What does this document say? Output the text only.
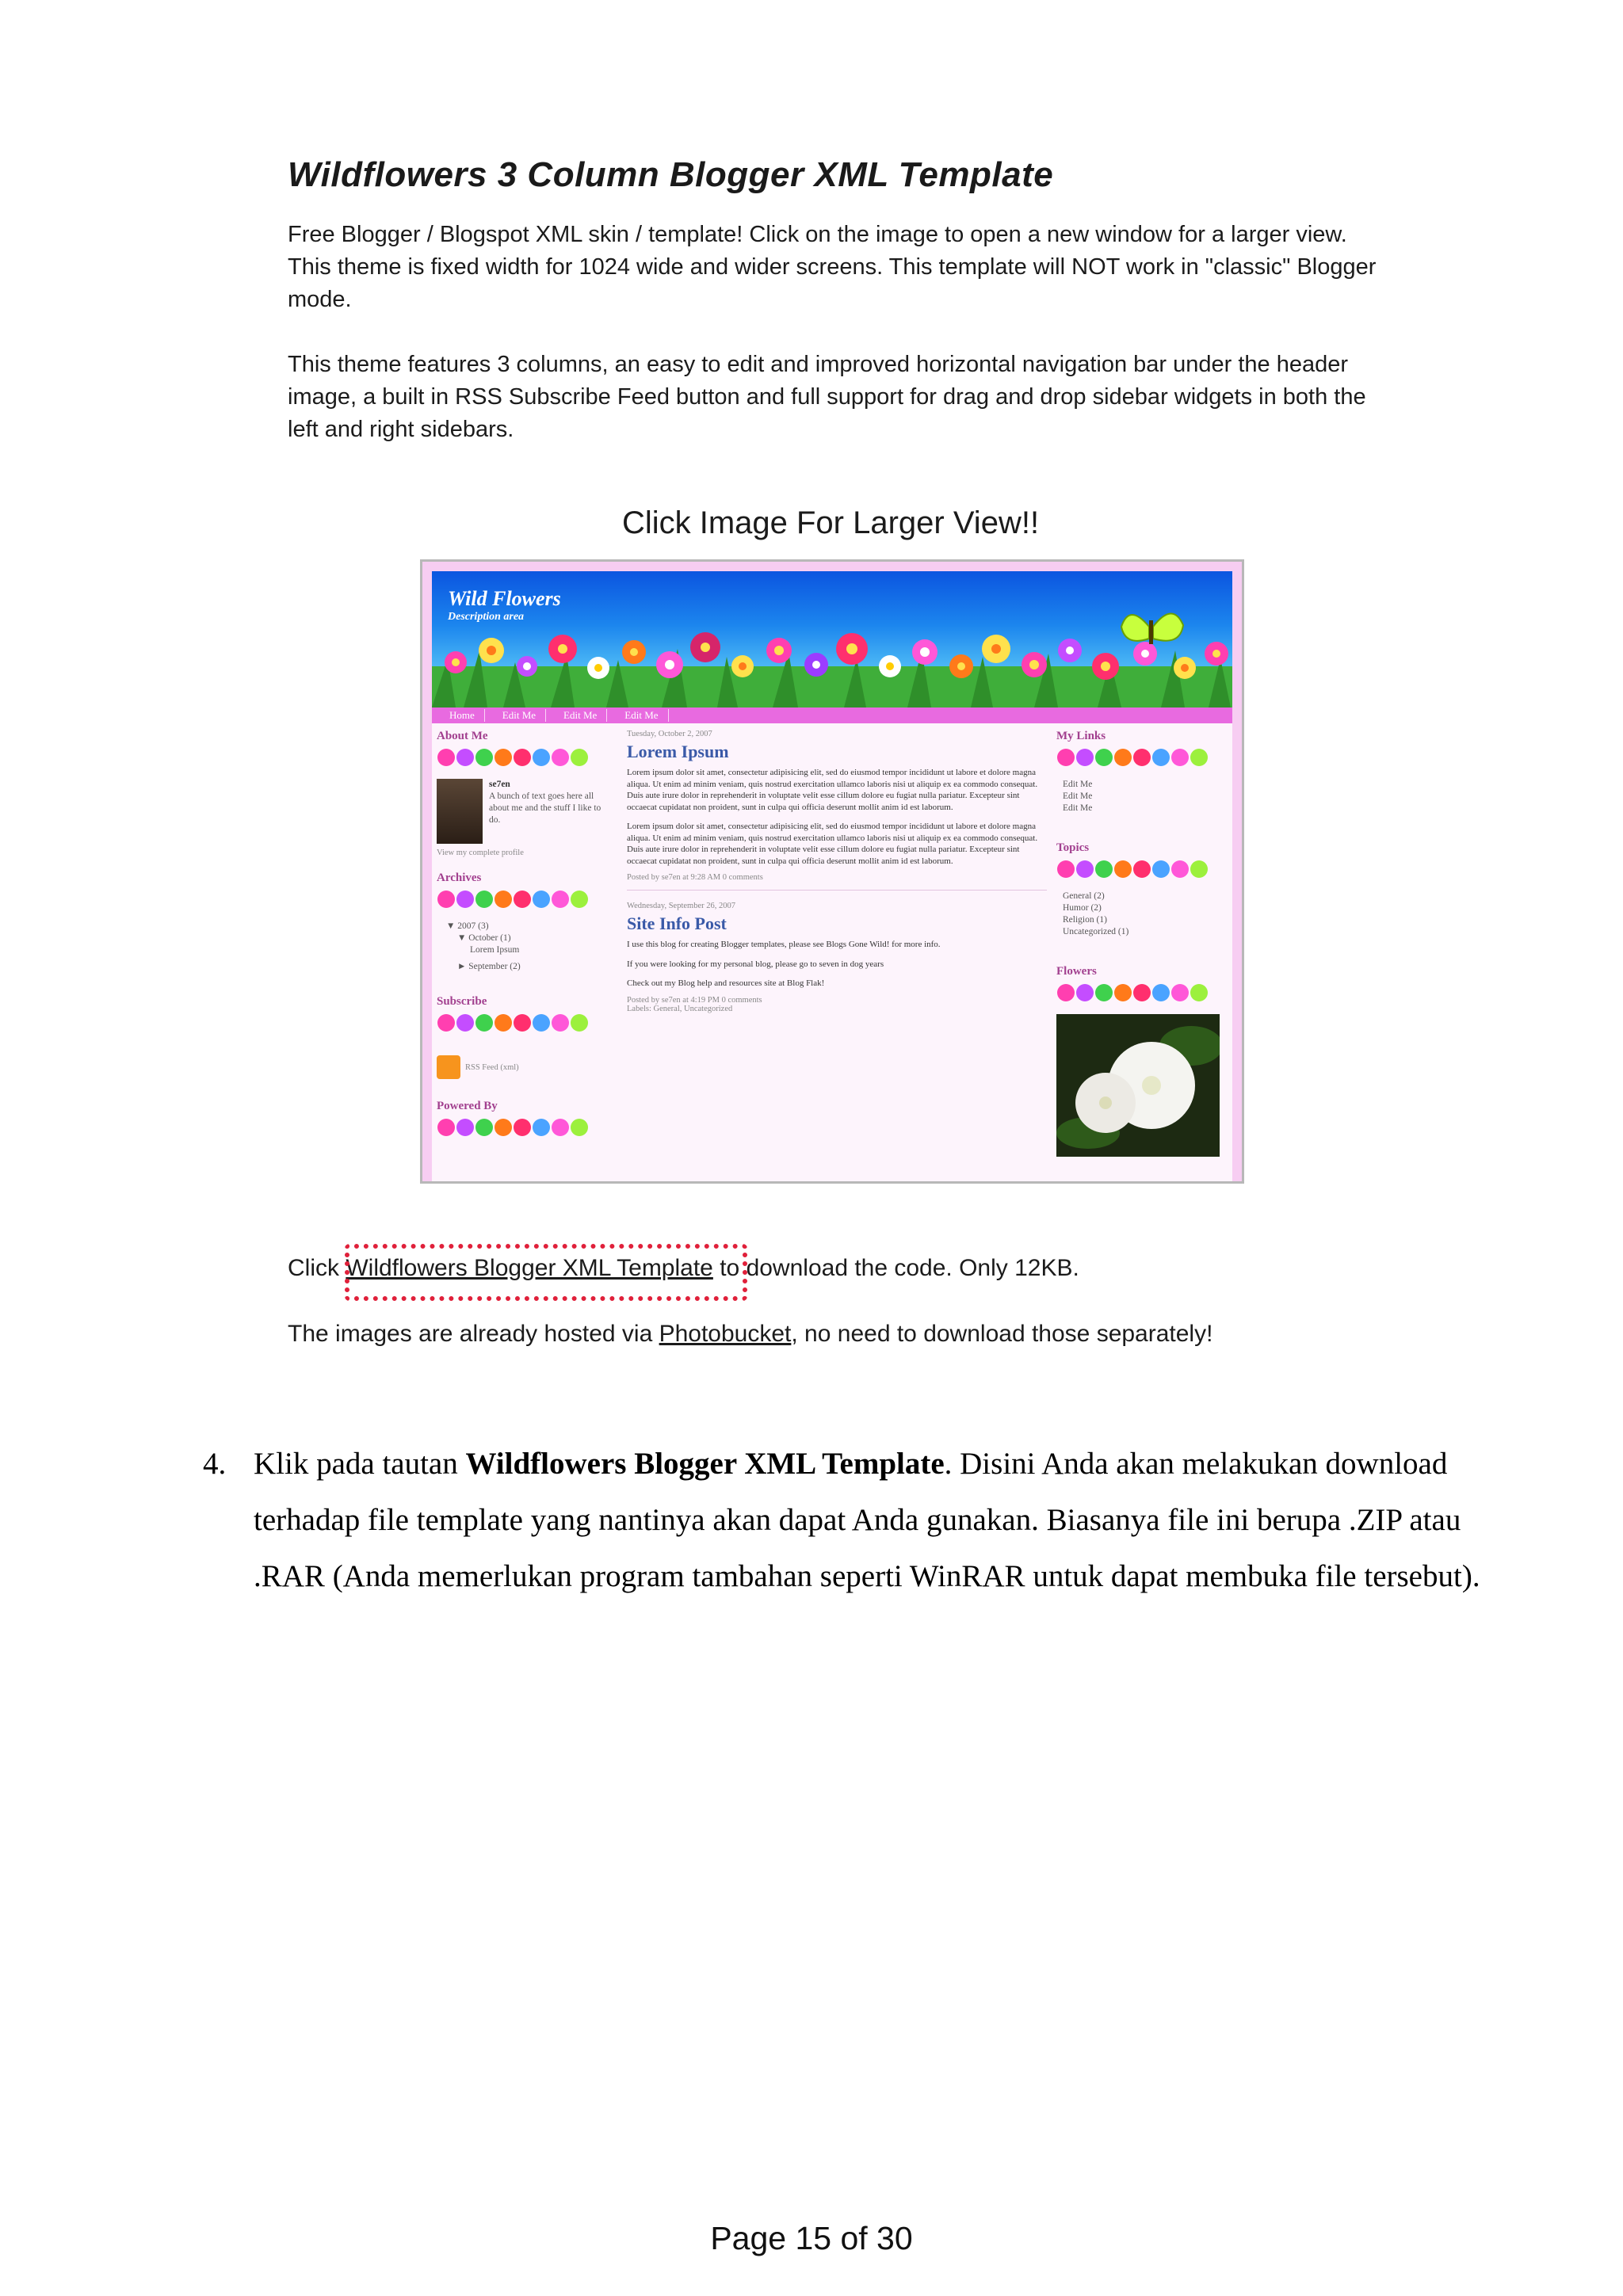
Wildflowers 3 Column Blogger XML Template
Free Blogger / Blogspot XML skin / template! Click on the image to open a new window for a larger view. This theme is fixed width for 1024 wide and wider screens. This template will NOT work in "classic" Blogger mode.
This theme features 3 columns, an easy to edit and improved horizontal navigation bar under the header image, a built in RSS Subscribe Feed button and full support for drag and drop sidebar widgets in both the left and right sidebars.
Click Image For Larger View!!
Wild Flowers
Description area
Home	Edit Me	Edit Me	Edit Me
About Me
se7en
A bunch of text goes here all about me and the stuff I like to do.
View my complete profile
Archives
▼ 2007 (3)
▼ October (1)
Lorem Ipsum
► September (2)
Subscribe
RSS Feed (xml)
Powered By
Tuesday, October 2, 2007
Lorem Ipsum
Lorem ipsum dolor sit amet, consectetur adipisicing elit, sed do eiusmod tempor incididunt ut labore et dolore magna aliqua. Ut enim ad minim veniam, quis nostrud exercitation ullamco laboris nisi ut aliquip ex ea commodo consequat. Duis aute irure dolor in reprehenderit in voluptate velit esse cillum dolore eu fugiat nulla pariatur. Excepteur sint occaecat cupidatat non proident, sunt in culpa qui officia deserunt mollit anim id est laborum.
Lorem ipsum dolor sit amet, consectetur adipisicing elit, sed do eiusmod tempor incididunt ut labore et dolore magna aliqua. Ut enim ad minim veniam, quis nostrud exercitation ullamco laboris nisi ut aliquip ex ea commodo consequat. Duis aute irure dolor in reprehenderit in voluptate velit esse cillum dolore eu fugiat nulla pariatur. Excepteur sint occaecat cupidatat non proident, sunt in culpa qui officia deserunt mollit anim id est laborum.
Posted by se7en at 9:28 AM 0 comments
Wednesday, September 26, 2007
Site Info Post
I use this blog for creating Blogger templates, please see Blogs Gone Wild! for more info.
If you were looking for my personal blog, please go to seven in dog years
Check out my Blog help and resources site at Blog Flak!
Posted by se7en at 4:19 PM 0 comments
Labels: General, Uncategorized
My Links
Edit Me
Edit Me
Edit Me
Topics
General (2)
Humor (2)
Religion (1)
Uncategorized (1)
Flowers

Click Wildflowers Blogger XML Template to download the code. Only 12KB.
The images are already hosted via Photobucket, no need to download those separately!
4. Klik pada tautan Wildflowers Blogger XML Template. Disini Anda akan melakukan download terhadap file template yang nantinya akan dapat Anda gunakan. Biasanya file ini berupa .ZIP atau .RAR (Anda memerlukan program tambahan seperti WinRAR untuk dapat membuka file tersebut).
Page 15 of 30
